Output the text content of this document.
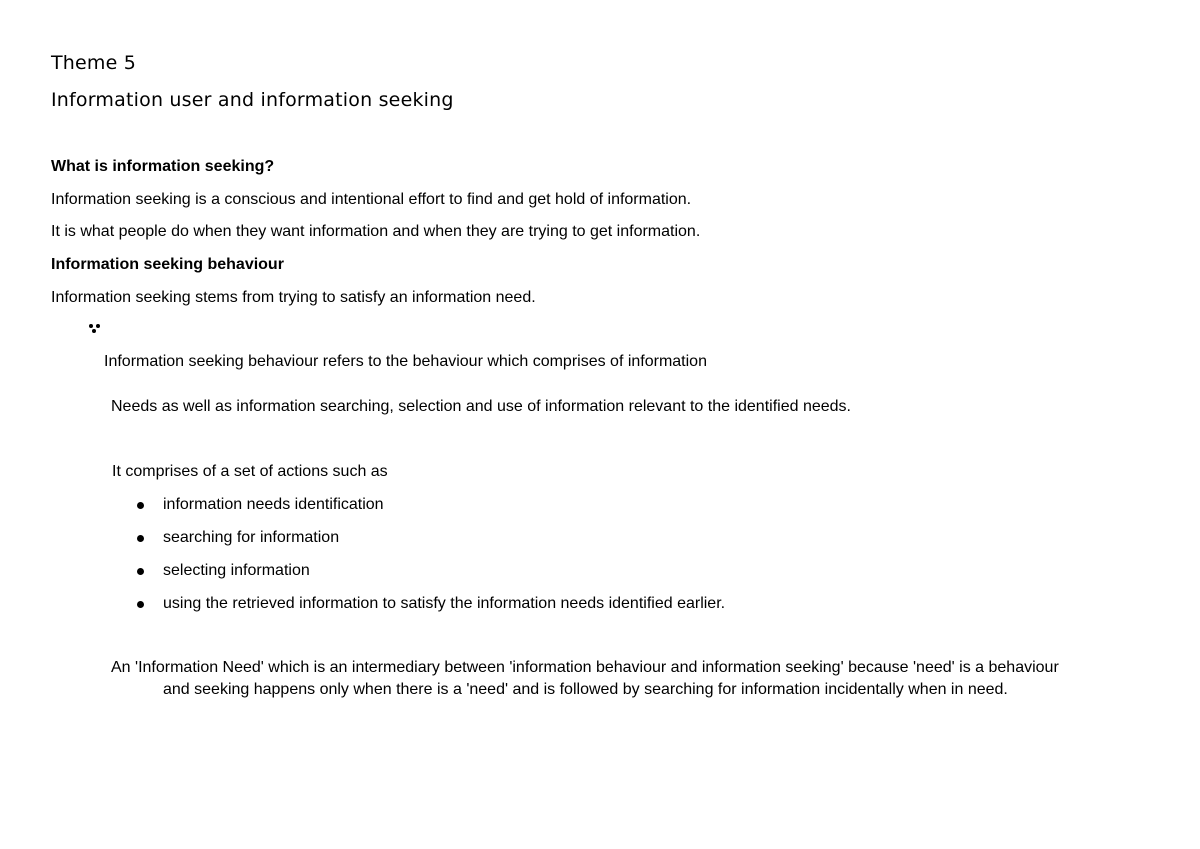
Theme 5

Information user and information seeking

What is information seeking?

Information seeking is a conscious and intentional effort to find and get hold of information.

It is what people do when they want information and when they are trying to get information.

Information seeking behaviour

Information seeking stems from trying to satisfy an information need.

Information seeking behaviour refers to the behaviour which comprises of information

Needs as well as information searching, selection and use of information relevant to the identified needs.

It comprises of a set of actions such as

information needs identification

searching for information

selecting information

using the retrieved information to satisfy the information needs identified earlier.

An 'Information Need' which is an intermediary between 'information behaviour and information seeking' because 'need' is a behaviour

and seeking happens only when there is a 'need' and is followed by searching for information incidentally when in need.
